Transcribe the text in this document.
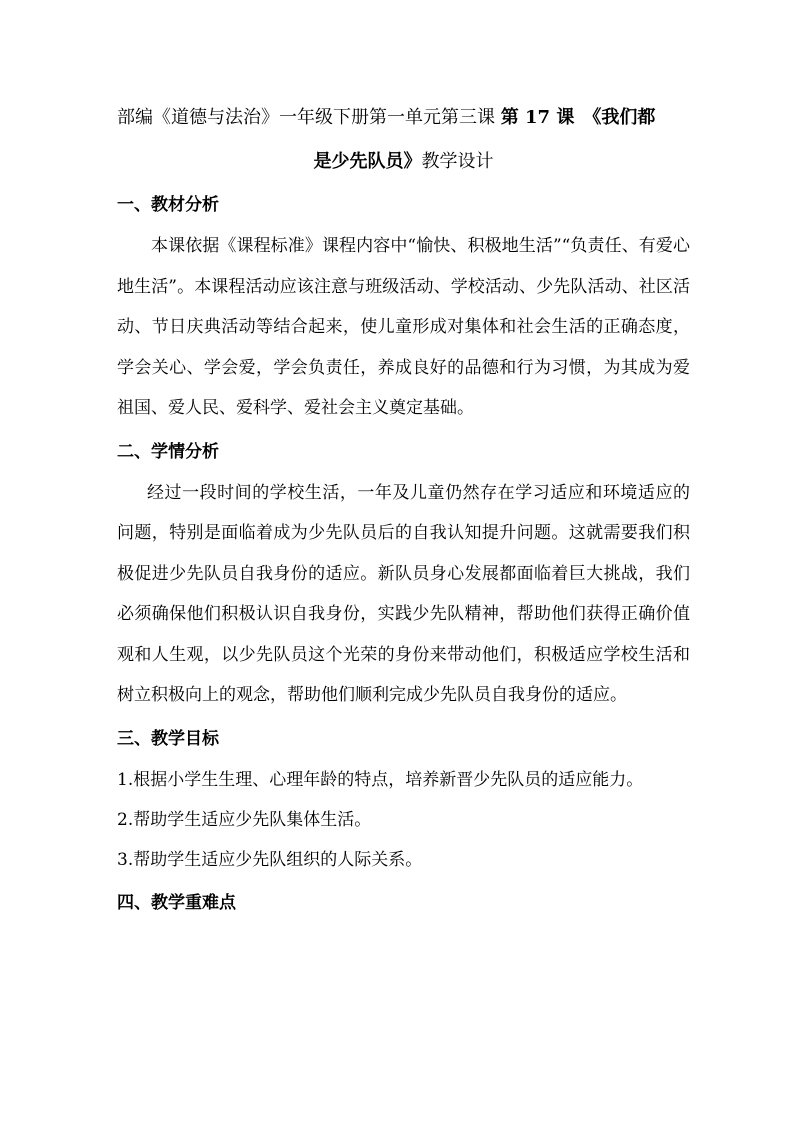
部编《道德与法治》一年级下册第一单元第三课 第 17 课　《我们都

是少先队员》教学设计

一、教材分析

本课依据《课程标准》课程内容中“愉快、积极地生活”“负责任、有爱心地生活”。本课程活动应该注意与班级活动、学校活动、少先队活动、社区活动、节日庆典活动等结合起来，使儿童形成对集体和社会生活的正确态度，学会关心、学会爱，学会负责任，养成良好的品德和行为习惯，为其成为爱祖国、爱人民、爱科学、爱社会主义奠定基础。

二、学情分析

经过一段时间的学校生活，一年及儿童仍然存在学习适应和环境适应的问题，特别是面临着成为少先队员后的自我认知提升问题。这就需要我们积极促进少先队员自我身份的适应。新队员身心发展都面临着巨大挑战，我们必须确保他们积极认识自我身份，实践少先队精神，帮助他们获得正确价值观和人生观，以少先队员这个光荣的身份来带动他们，积极适应学校生活和树立积极向上的观念，帮助他们顺利完成少先队员自我身份的适应。

三、教学目标

1.根据小学生生理、心理年龄的特点，培养新晋少先队员的适应能力。

2.帮助学生适应少先队集体生活。

3.帮助学生适应少先队组织的人际关系。

四、教学重难点
